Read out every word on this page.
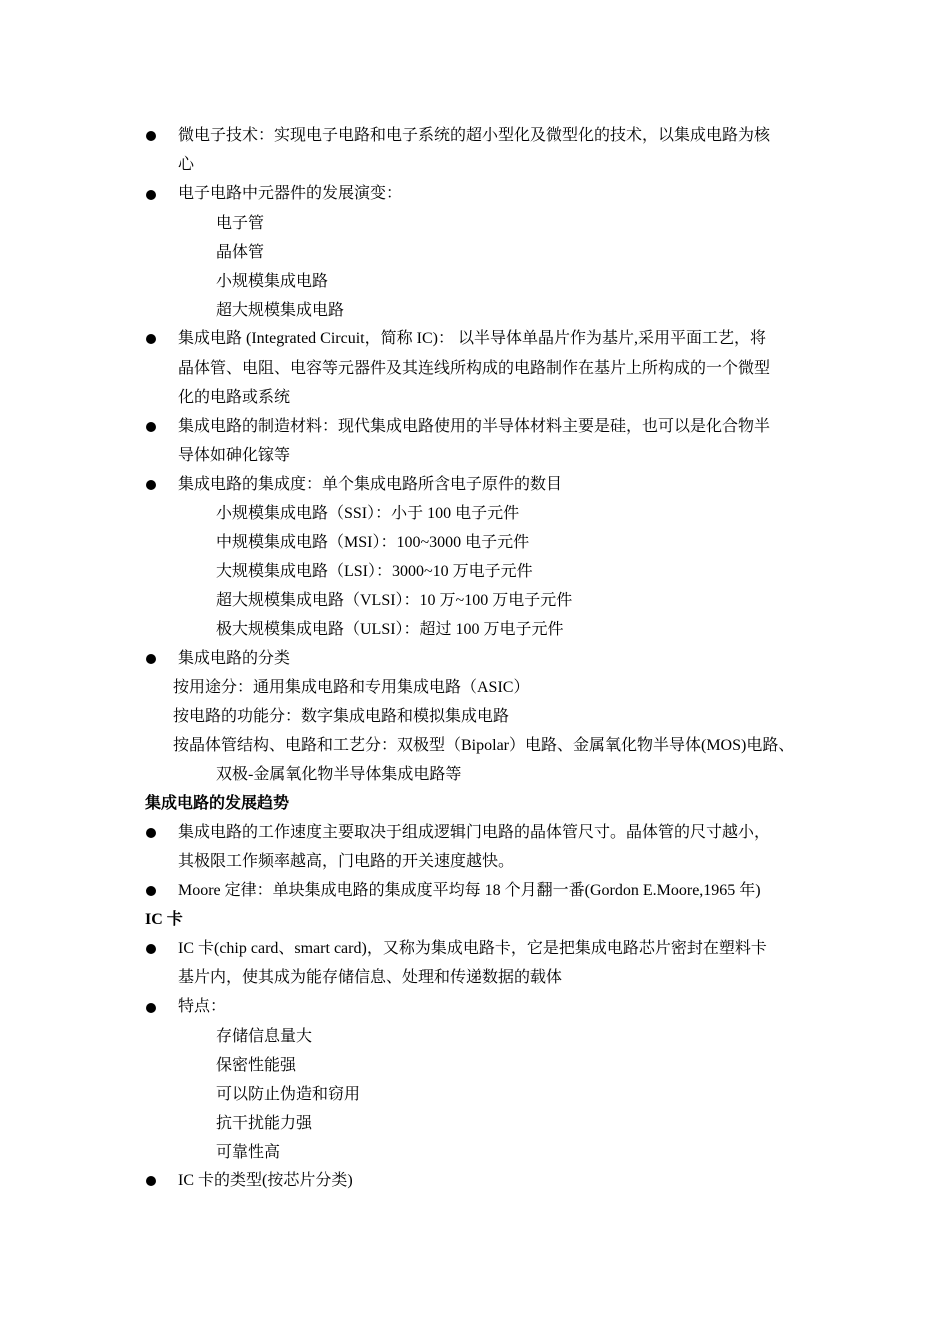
微电子技术：实现电子电路和电子系统的超小型化及微型化的技术，以集成电路为核
心
电子电路中元器件的发展演变：
电子管
晶体管
小规模集成电路
超大规模集成电路
集成电路 (Integrated Circuit，简称 IC)： 以半导体单晶片作为基片,采用平面工艺，将
晶体管、电阻、电容等元器件及其连线所构成的电路制作在基片上所构成的一个微型
化的电路或系统
集成电路的制造材料：现代集成电路使用的半导体材料主要是硅，也可以是化合物半
导体如砷化镓等
集成电路的集成度：单个集成电路所含电子原件的数目
小规模集成电路（SSI）：小于 100 电子元件
中规模集成电路（MSI）：100~3000 电子元件
大规模集成电路（LSI）：3000~10 万电子元件
超大规模集成电路（VLSI）：10 万~100 万电子元件
极大规模集成电路（ULSI）：超过 100 万电子元件
集成电路的分类
按用途分：通用集成电路和专用集成电路（ASIC）
按电路的功能分：数字集成电路和模拟集成电路
按晶体管结构、电路和工艺分：双极型（Bipolar）电路、金属氧化物半导体(MOS)电路、
双极-金属氧化物半导体集成电路等
集成电路的发展趋势
集成电路的工作速度主要取决于组成逻辑门电路的晶体管尺寸。晶体管的尺寸越小，
其极限工作频率越高，门电路的开关速度越快。
Moore 定律：单块集成电路的集成度平均每 18 个月翻一番(Gordon E.Moore,1965 年)
IC 卡
IC 卡(chip card、smart card)，又称为集成电路卡，它是把集成电路芯片密封在塑料卡
基片内，使其成为能存储信息、处理和传递数据的载体
特点：
存储信息量大
保密性能强
可以防止伪造和窃用
抗干扰能力强
可靠性高
IC 卡的类型(按芯片分类)
